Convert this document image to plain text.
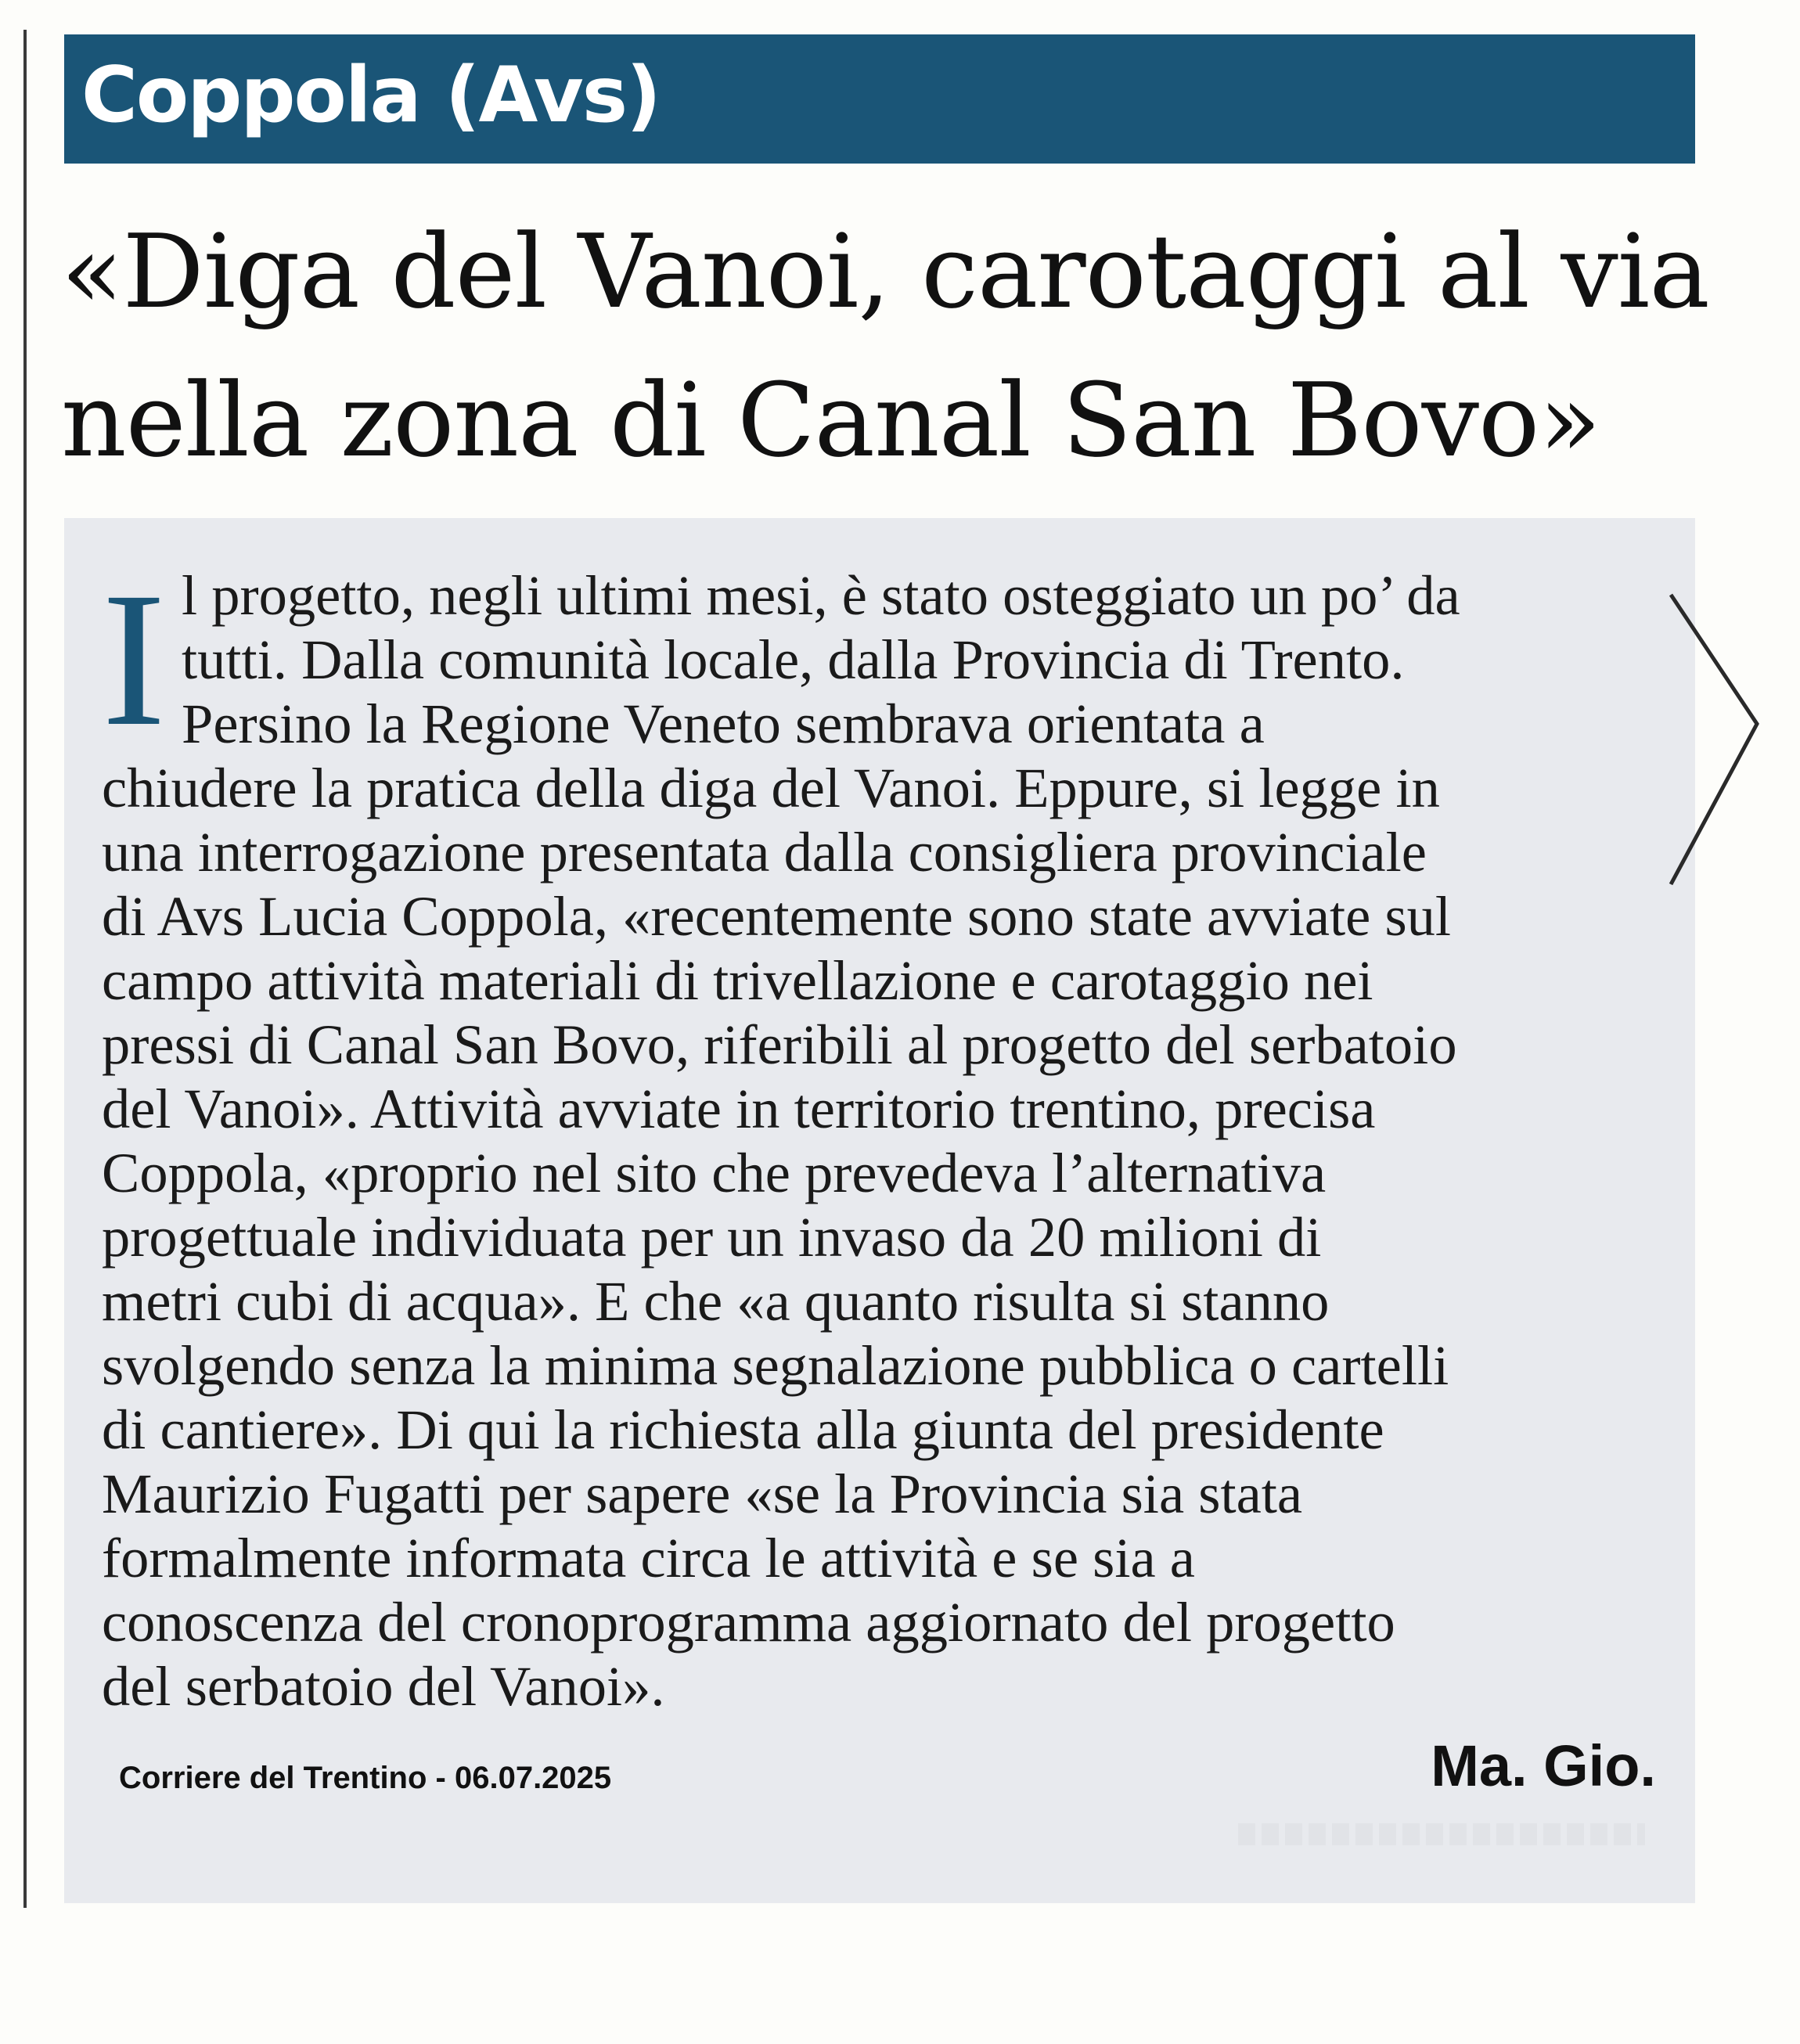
Coppola (Avs)
«Diga del Vanoi, carotaggi al via
nella zona di Canal San Bovo»
I l progetto, negli ultimi mesi, è stato osteggiato un po’ da
tutti. Dalla comunità locale, dalla Provincia di Trento.
Persino la Regione Veneto sembrava orientata a
chiudere la pratica della diga del Vanoi. Eppure, si legge in
una interrogazione presentata dalla consigliera provinciale
di Avs Lucia Coppola, «recentemente sono state avviate sul
campo attività materiali di trivellazione e carotaggio nei
pressi di Canal San Bovo, riferibili al progetto del serbatoio
del Vanoi». Attività avviate in territorio trentino, precisa
Coppola, «proprio nel sito che prevedeva l’alternativa
progettuale individuata per un invaso da 20 milioni di
metri cubi di acqua». E che «a quanto risulta si stanno
svolgendo senza la minima segnalazione pubblica o cartelli
di cantiere». Di qui la richiesta alla giunta del presidente
Maurizio Fugatti per sapere «se la Provincia sia stata
formalmente informata circa le attività e se sia a
conoscenza del cronoprogramma aggiornato del progetto
del serbatoio del Vanoi».
Corriere del Trentino - 06.07.2025	Ma. Gio.
